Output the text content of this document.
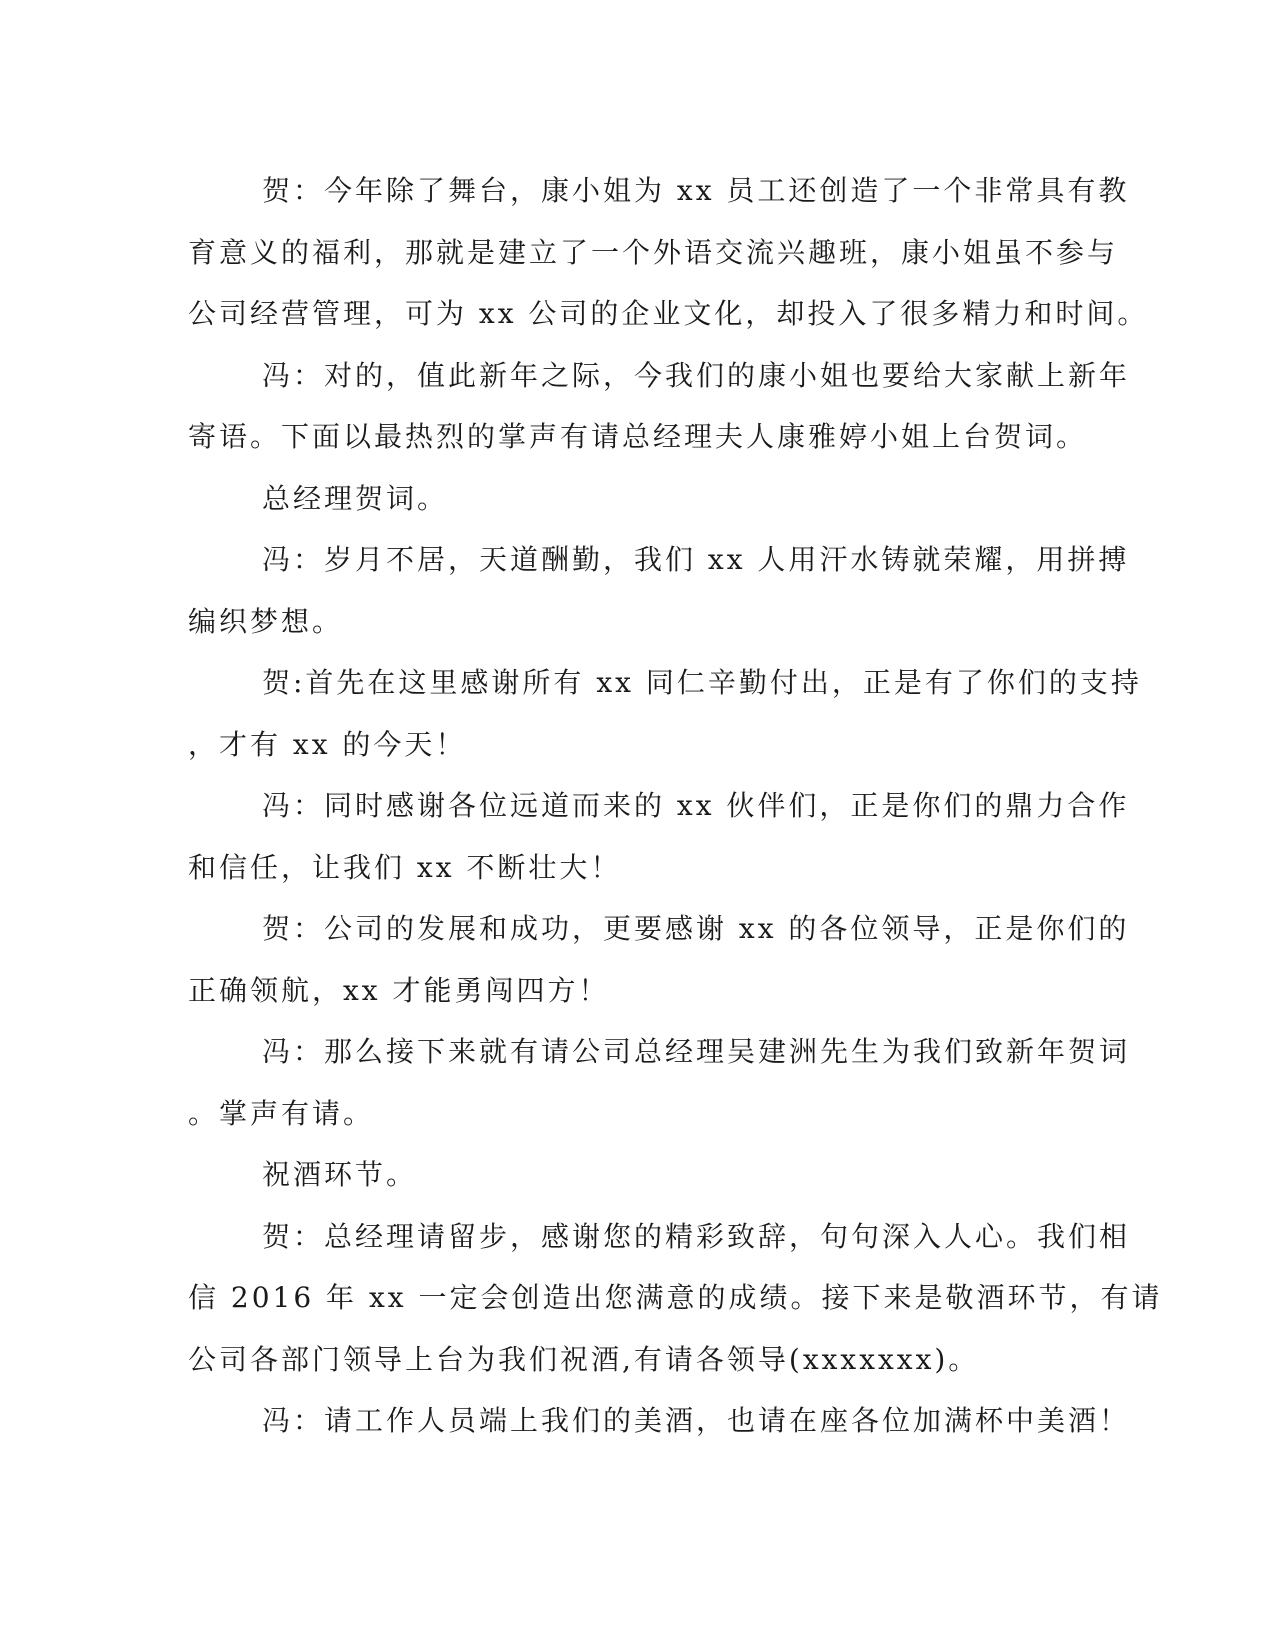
贺：今年除了舞台，康小姐为 xx 员工还创造了一个非常具有教
育意义的福利，那就是建立了一个外语交流兴趣班，康小姐虽不参与
公司经营管理，可为 xx 公司的企业文化，却投入了很多精力和时间。
冯：对的，值此新年之际，今我们的康小姐也要给大家献上新年
寄语。下面以最热烈的掌声有请总经理夫人康雅婷小姐上台贺词。
总经理贺词。
冯：岁月不居，天道酬勤，我们 xx 人用汗水铸就荣耀，用拼搏
编织梦想。
贺:首先在这里感谢所有 xx 同仁辛勤付出，正是有了你们的支持
，才有 xx 的今天！
冯：同时感谢各位远道而来的 xx 伙伴们，正是你们的鼎力合作
和信任，让我们 xx 不断壮大！
贺：公司的发展和成功，更要感谢 xx 的各位领导，正是你们的
正确领航，xx 才能勇闯四方！
冯：那么接下来就有请公司总经理吴建洲先生为我们致新年贺词
。掌声有请。
祝酒环节。
贺：总经理请留步，感谢您的精彩致辞，句句深入人心。我们相
信 2016 年 xx 一定会创造出您满意的成绩。接下来是敬酒环节，有请
公司各部门领导上台为我们祝酒,有请各领导(xxxxxxx)。
冯：请工作人员端上我们的美酒，也请在座各位加满杯中美酒！
